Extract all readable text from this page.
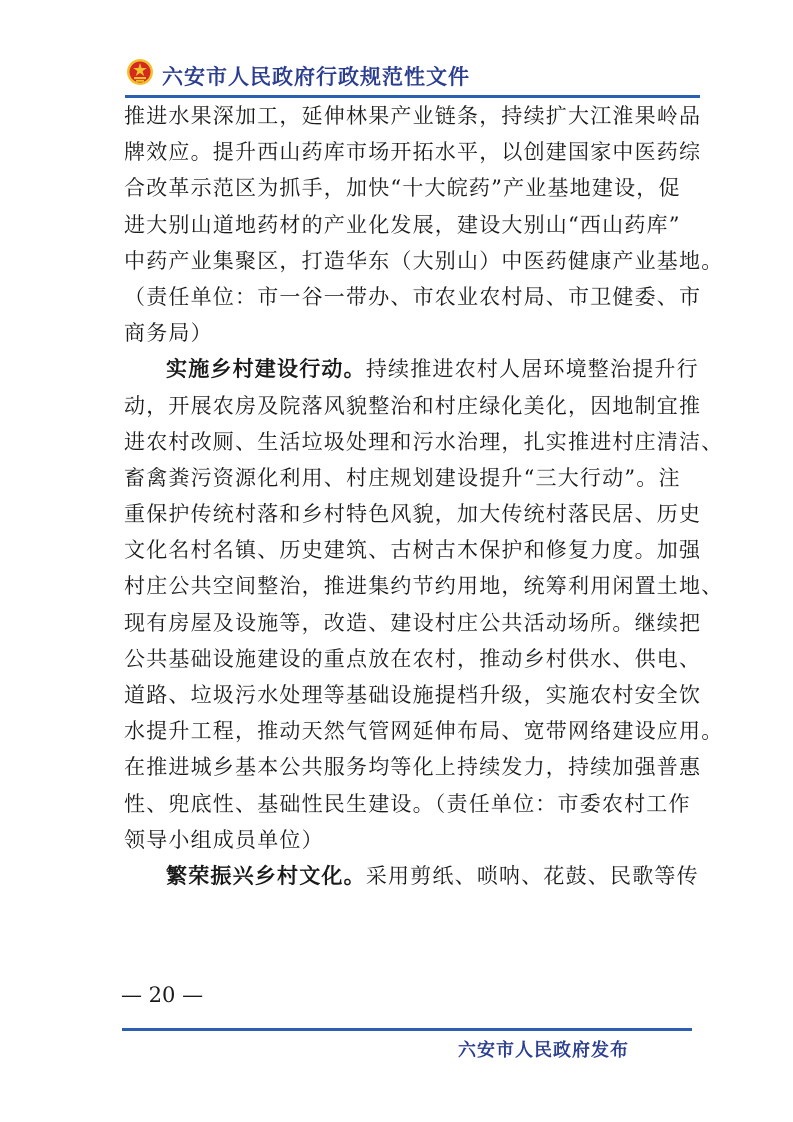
六安市人民政府行政规范性文件
推进水果深加工，延伸林果产业链条，持续扩大江淮果岭品
牌效应。提升西山药库市场开拓水平，以创建国家中医药综
合改革示范区为抓手，加快“十大皖药”产业基地建设，促
进大别山道地药材的产业化发展，建设大别山“西山药库”
中药产业集聚区，打造华东（大别山）中医药健康产业基地。
（责任单位：市一谷一带办、市农业农村局、市卫健委、市
商务局）
实施乡村建设行动。持续推进农村人居环境整治提升行
动，开展农房及院落风貌整治和村庄绿化美化，因地制宜推
进农村改厕、生活垃圾处理和污水治理，扎实推进村庄清洁、
畜禽粪污资源化利用、村庄规划建设提升“三大行动”。注
重保护传统村落和乡村特色风貌，加大传统村落民居、历史
文化名村名镇、历史建筑、古树古木保护和修复力度。加强
村庄公共空间整治，推进集约节约用地，统筹利用闲置土地、
现有房屋及设施等，改造、建设村庄公共活动场所。继续把
公共基础设施建设的重点放在农村，推动乡村供水、供电、
道路、垃圾污水处理等基础设施提档升级，实施农村安全饮
水提升工程，推动天然气管网延伸布局、宽带网络建设应用。
在推进城乡基本公共服务均等化上持续发力，持续加强普惠
性、兜底性、基础性民生建设。（责任单位：市委农村工作
领导小组成员单位）
繁荣振兴乡村文化。采用剪纸、唢呐、花鼓、民歌等传
— 20 —
六安市人民政府发布
